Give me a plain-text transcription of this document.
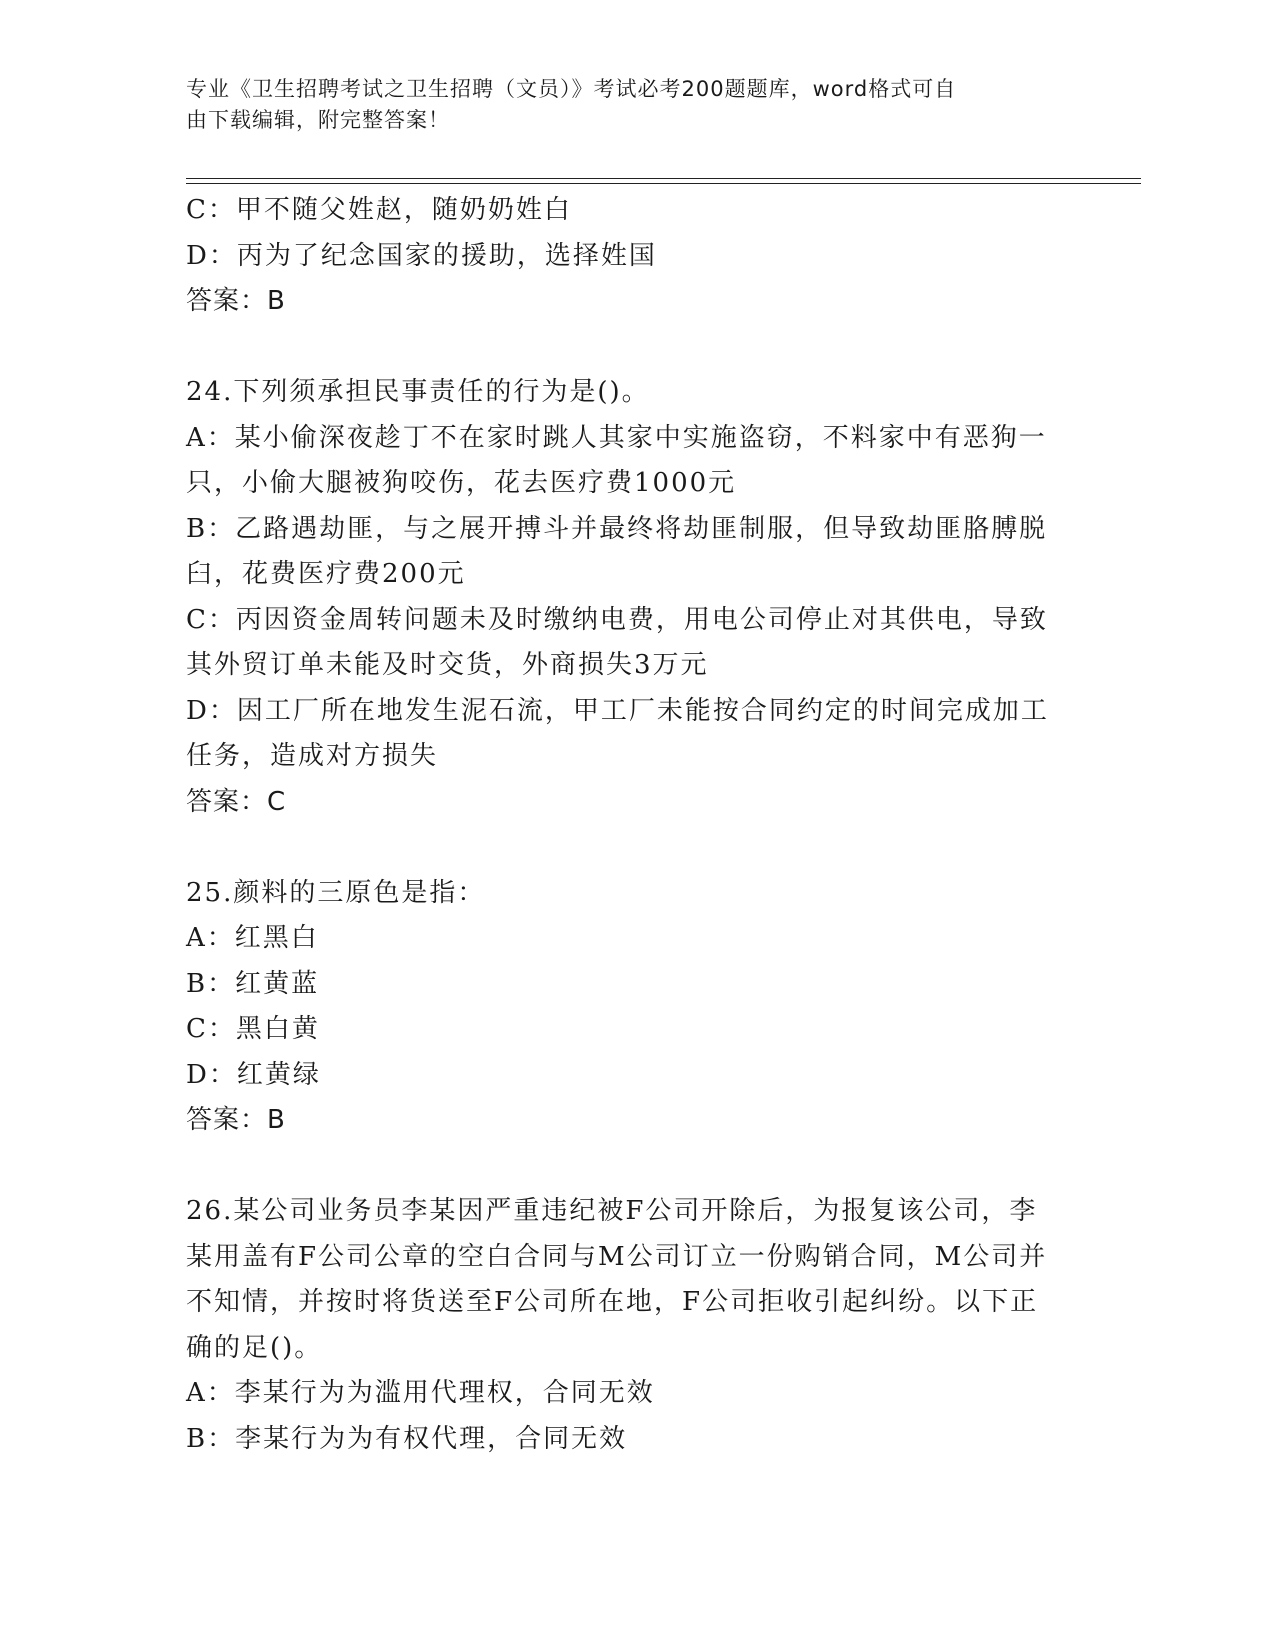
专业《卫生招聘考试之卫生招聘（文员）》考试必考200题题库，word格式可自
由下载编辑，附完整答案！
C：甲不随父姓赵，随奶奶姓白
D：丙为了纪念国家的援助，选择姓国
答案：B
24.下列须承担民事责任的行为是()。
A：某小偷深夜趁丁不在家时跳人其家中实施盗窃，不料家中有恶狗一
只，小偷大腿被狗咬伤，花去医疗费1000元
B：乙路遇劫匪，与之展开搏斗并最终将劫匪制服，但导致劫匪胳膊脱
臼，花费医疗费200元
C：丙因资金周转问题未及时缴纳电费，用电公司停止对其供电，导致
其外贸订单未能及时交货，外商损失3万元
D：因工厂所在地发生泥石流，甲工厂未能按合同约定的时间完成加工
任务，造成对方损失
答案：C
25.颜料的三原色是指：
A：红黑白
B：红黄蓝
C：黑白黄
D：红黄绿
答案：B
26.某公司业务员李某因严重违纪被F公司开除后，为报复该公司，李
某用盖有F公司公章的空白合同与M公司订立一份购销合同，M公司并
不知情，并按时将货送至F公司所在地，F公司拒收引起纠纷。以下正
确的足()。
A：李某行为为滥用代理权，合同无效
B：李某行为为有权代理，合同无效
